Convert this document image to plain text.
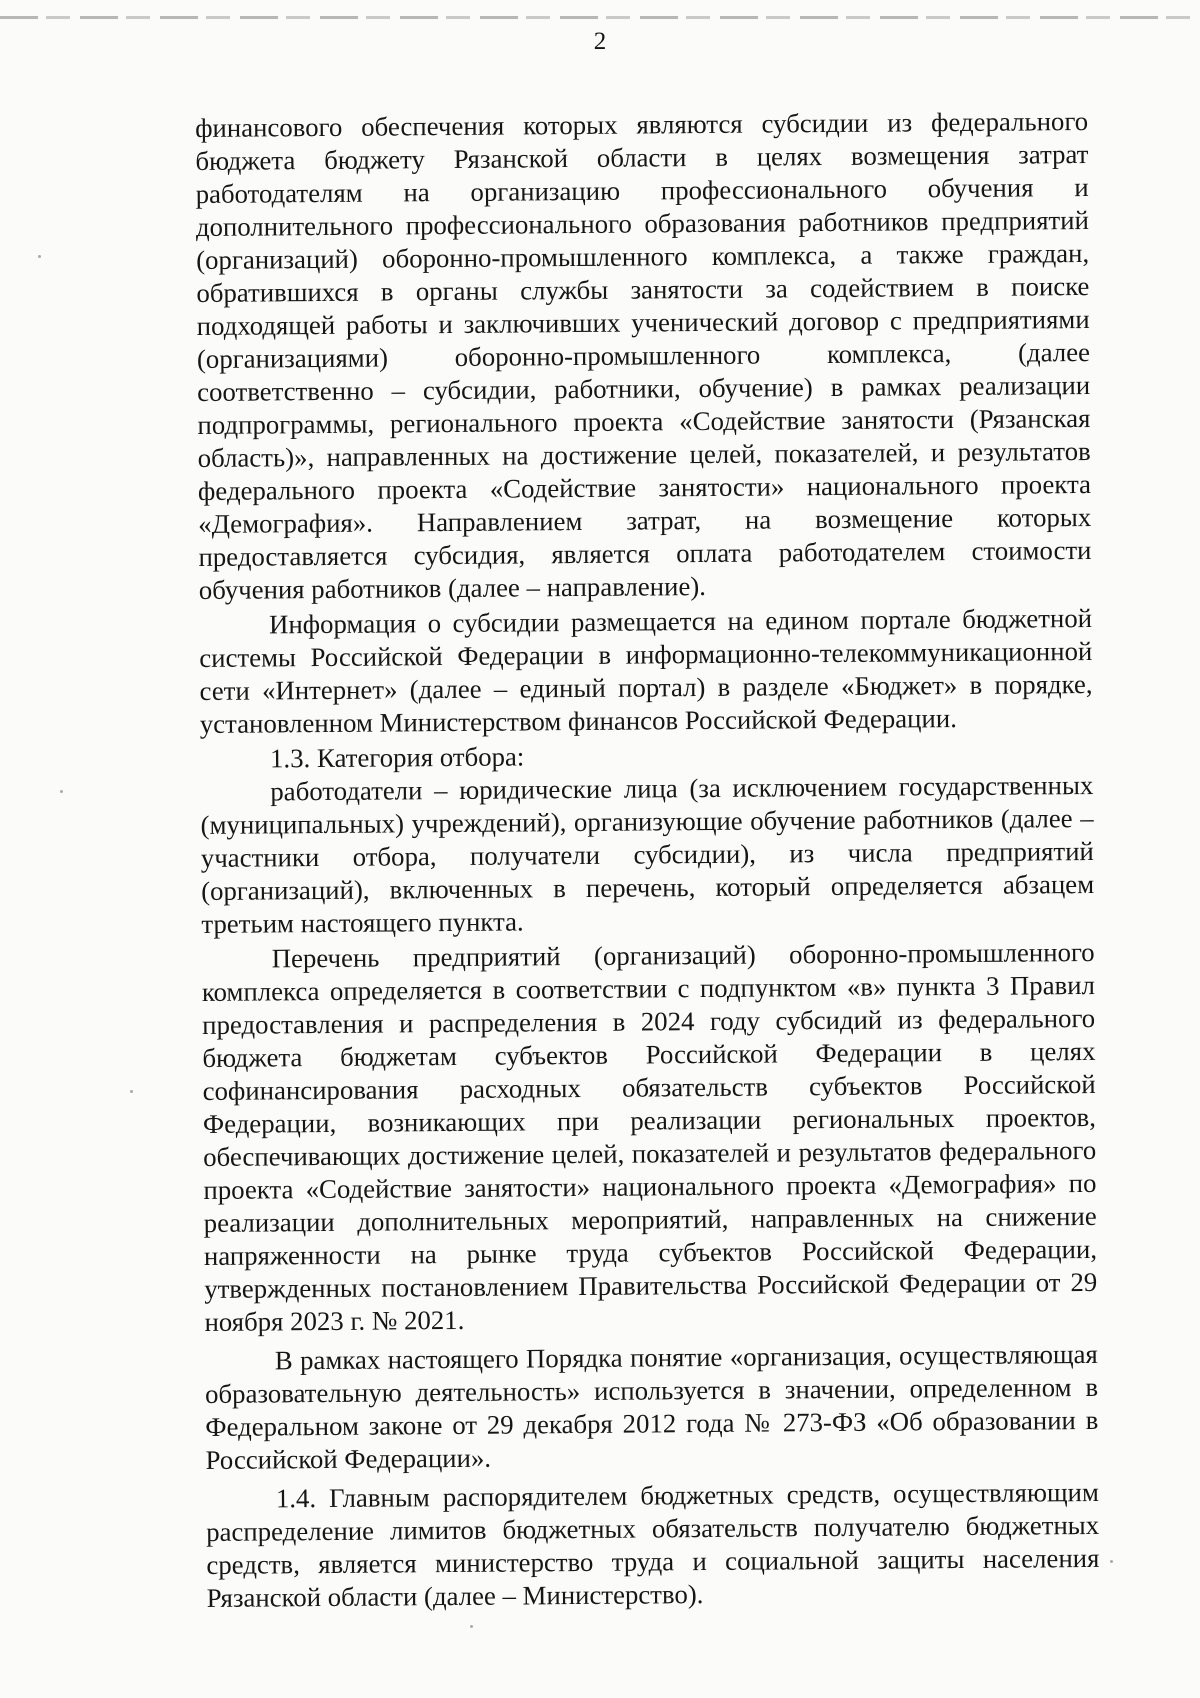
2

финансового обеспечения которых являются субсидии из федерального бюджета бюджету Рязанской области в целях возмещения затрат работодателям на организацию профессионального обучения и дополнительного профессионального образования работников предприятий (организаций) оборонно-промышленного комплекса, а также граждан, обратившихся в органы службы занятости за содействием в поиске подходящей работы и заключивших ученический договор с предприятиями (организациями) оборонно-промышленного комплекса, (далее соответственно – субсидии, работники, обучение) в рамках реализации подпрограммы, регионального проекта «Содействие занятости (Рязанская область)», направленных на достижение целей, показателей, и результатов федерального проекта «Содействие занятости» национального проекта «Демография». Направлением затрат, на возмещение которых предоставляется субсидия, является оплата работодателем стоимости обучения работников (далее – направление).

Информация о субсидии размещается на едином портале бюджетной системы Российской Федерации в информационно-телекоммуникационной сети «Интернет» (далее – единый портал) в разделе «Бюджет» в порядке, установленном Министерством финансов Российской Федерации.

1.3. Категория отбора:

работодатели – юридические лица (за исключением государственных (муниципальных) учреждений), организующие обучение работников (далее – участники отбора, получатели субсидии), из числа предприятий (организаций), включенных в перечень, который определяется абзацем третьим настоящего пункта.

Перечень предприятий (организаций) оборонно-промышленного комплекса определяется в соответствии с подпунктом «в» пункта 3 Правил предоставления и распределения в 2024 году субсидий из федерального бюджета бюджетам субъектов Российской Федерации в целях софинансирования расходных обязательств субъектов Российской Федерации, возникающих при реализации региональных проектов, обеспечивающих достижение целей, показателей и результатов федерального проекта «Содействие занятости» национального проекта «Демография» по реализации дополнительных мероприятий, направленных на снижение напряженности на рынке труда субъектов Российской Федерации, утвержденных постановлением Правительства Российской Федерации от 29 ноября 2023 г. № 2021.

В рамках настоящего Порядка понятие «организация, осуществляющая образовательную деятельность» используется в значении, определенном в Федеральном законе от 29 декабря 2012 года № 273-ФЗ «Об образовании в Российской Федерации».

1.4. Главным распорядителем бюджетных средств, осуществляющим распределение лимитов бюджетных обязательств получателю бюджетных средств, является министерство труда и социальной защиты населения Рязанской области (далее – Министерство).
